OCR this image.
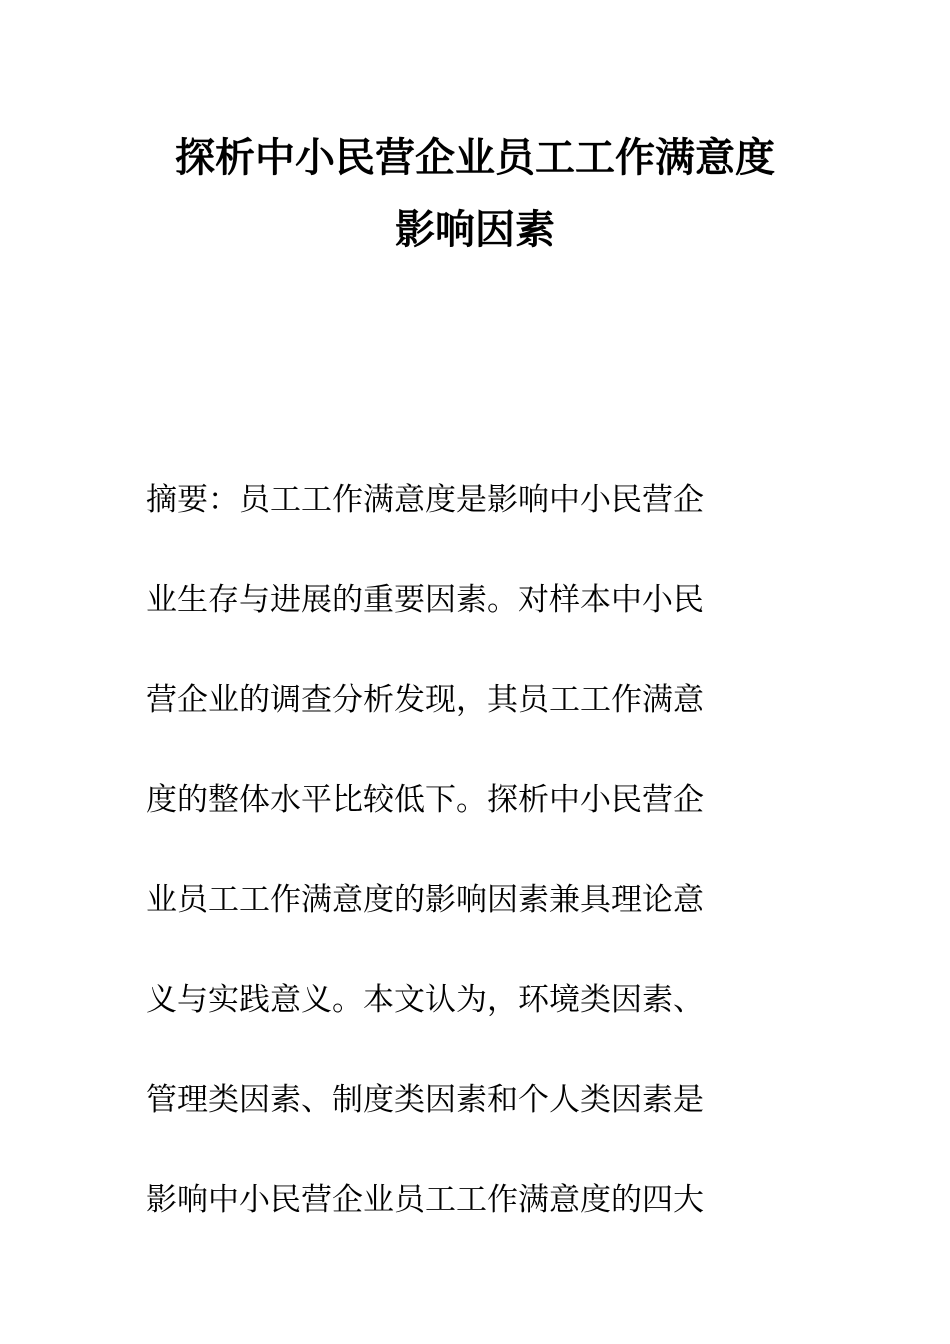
探析中小民营企业员工工作满意度
影响因素
摘要：员工工作满意度是影响中小民营企
业生存与进展的重要因素。对样本中小民
营企业的调查分析发现，其员工工作满意
度的整体水平比较低下。探析中小民营企
业员工工作满意度的影响因素兼具理论意
义与实践意义。本文认为，环境类因素、
管理类因素、制度类因素和个人类因素是
影响中小民营企业员工工作满意度的四大
